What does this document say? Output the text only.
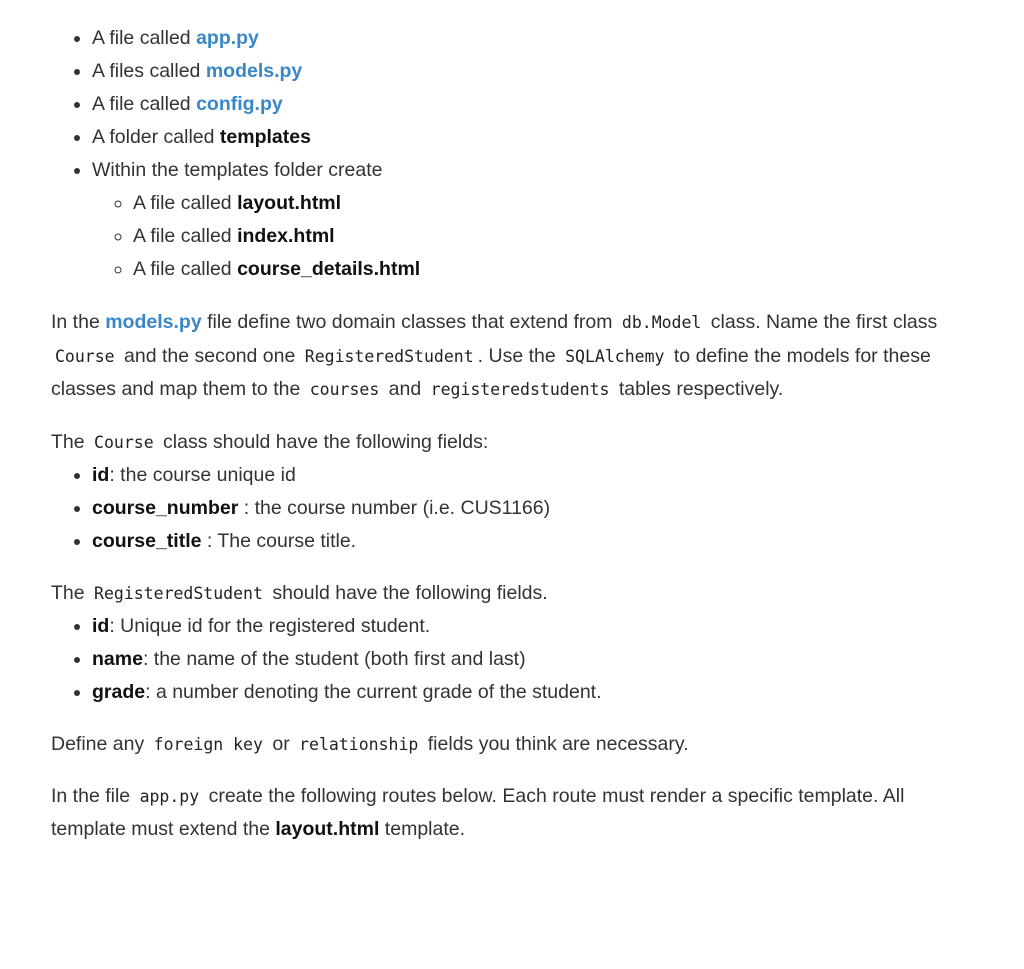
• A file called app.py
• A files called models.py
• A file called config.py
• A folder called templates
• Within the templates folder create
◦ A file called layout.html
◦ A file called index.html
◦ A file called course_details.html

In the models.py file define two domain classes that extend from db.Model class. Name the first class Course and the second one RegisteredStudent . Use the SQLAlchemy to define the models for these classes and map them to the courses and registeredstudents tables respectively.

The Course class should have the following fields:

• id: the course unique id
• course_number : the course number (i.e. CUS1166)
• course_title : The course title.

The RegisteredStudent should have the following fields.

• id: Unique id for the registered student.
• name: the name of the student (both first and last)
• grade: a number denoting the current grade of the student.

Define any foreign key or relationship fields you think are necessary.

In the file app.py create the following routes below. Each route must render a specific template. All template must extend the layout.html template.
